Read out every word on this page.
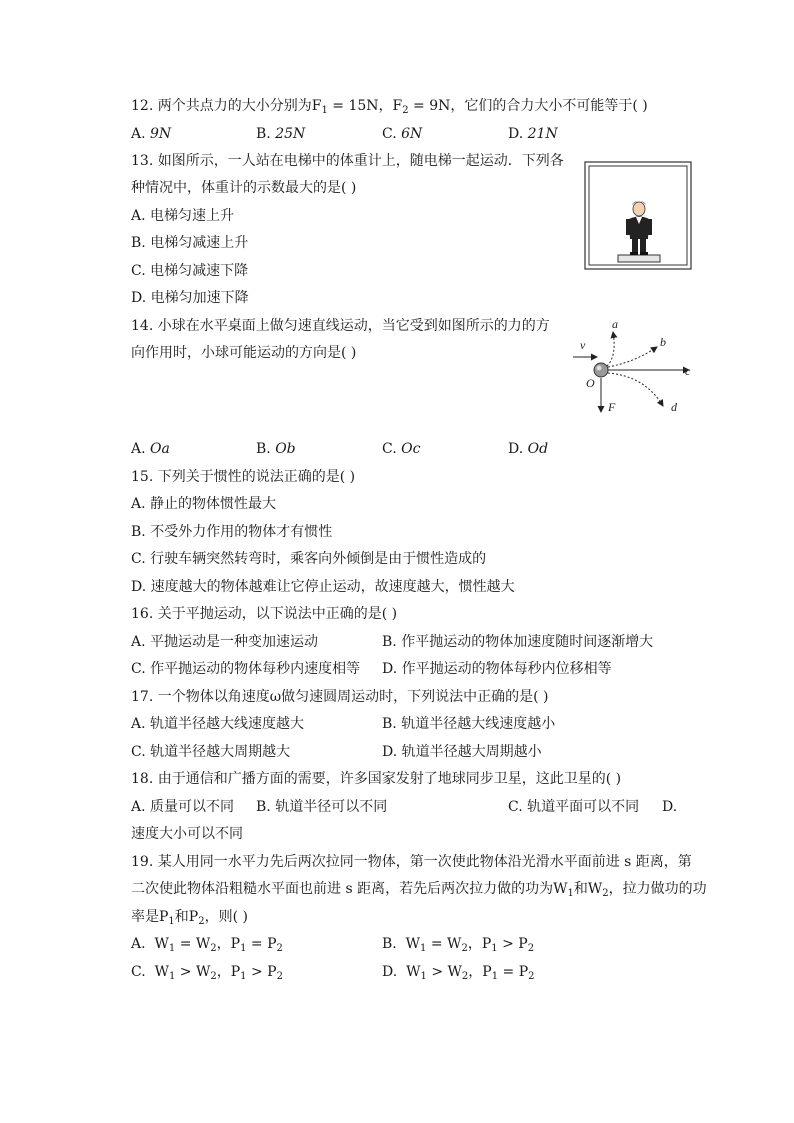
12. 两个共点力的大小分别为$F_1 = 15N$，$F_2 = 9N$，它们的合力大小不可能等于( )
A. 9N	B. 25N	C. 6N	D. 21N
13. 如图所示，一人站在电梯中的体重计上，随电梯一起运动．下列各
种情况中，体重计的示数最大的是( )
A. 电梯匀速上升
B. 电梯匀减速上升
C. 电梯匀减速下降
D. 电梯匀加速下降
14. 小球在水平桌面上做匀速直线运动，当它受到如图所示的力的方
向作用时，小球可能运动的方向是( )
a
b
c
d
v
O
F
A. Oa	B. Ob	C. Oc	D. Od
15. 下列关于惯性的说法正确的是( )
A. 静止的物体惯性最大
B. 不受外力作用的物体才有惯性
C. 行驶车辆突然转弯时，乘客向外倾倒是由于惯性造成的
D. 速度越大的物体越难让它停止运动，故速度越大，惯性越大
16. 关于平抛运动，以下说法中正确的是( )
A. 平抛运动是一种变加速运动	B. 作平抛运动的物体加速度随时间逐渐增大
C. 作平抛运动的物体每秒内速度相等 D. 作平抛运动的物体每秒内位移相等
17. 一个物体以角速度ω做匀速圆周运动时，下列说法中正确的是( )
A. 轨道半径越大线速度越大	B. 轨道半径越大线速度越小
C. 轨道半径越大周期越大	D. 轨道半径越大周期越小
18. 由于通信和广播方面的需要，许多国家发射了地球同步卫星，这此卫星的( )
A. 质量可以不同 B. 轨道半径可以不同	C. 轨道平面可以不同 D.
速度大小可以不同
19. 某人用同一水平力先后两次拉同一物体，第一次使此物体沿光滑水平面前进 s 距离，第
二次使此物体沿粗糙水平面也前进 s 距离，若先后两次拉力做的功为$W_1$和$W_2$，拉力做功的功
率是$P_1$和$P_2$，则( )
A.  $W_1 = W_2$，$P_1 = P_2$	B.  $W_1 = W_2$，$P_1 > P_2$
C.  $W_1 > W_2$，$P_1 > P_2$	D.  $W_1 > W_2$，$P_1 = P_2$
